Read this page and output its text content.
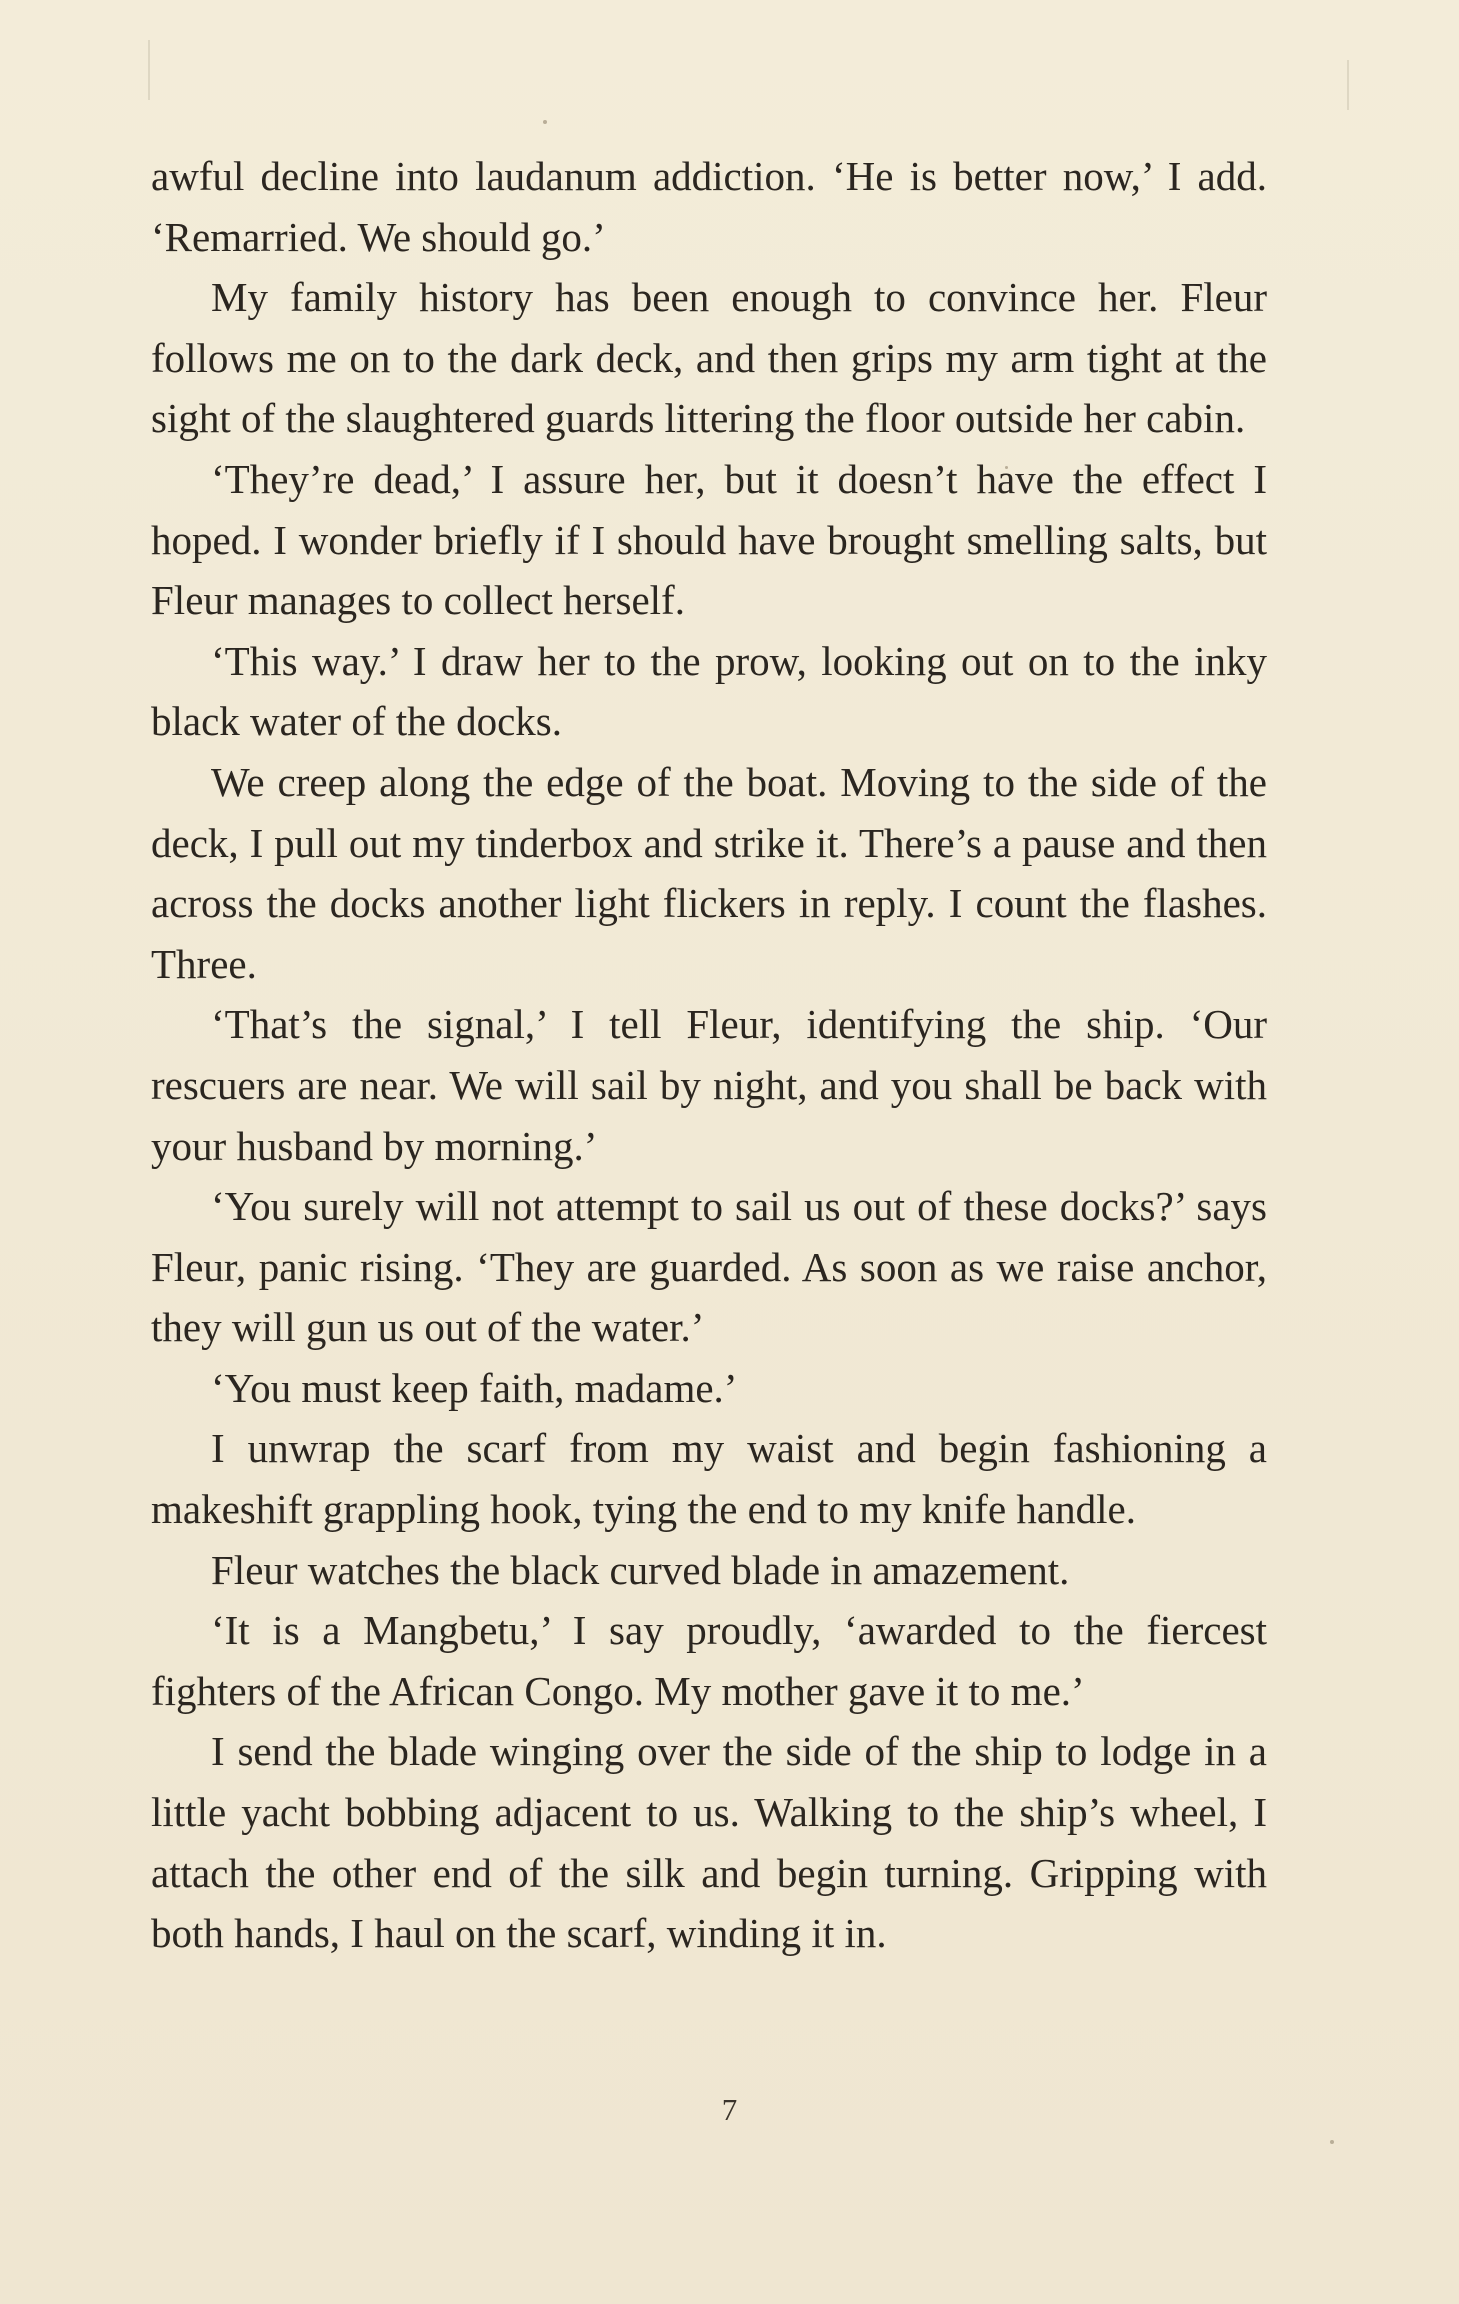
awful decline into laudanum addiction. ‘He is better now,’ I add. ‘Remarried. We should go.’

My family history has been enough to convince her. Fleur follows me on to the dark deck, and then grips my arm tight at the sight of the slaughtered guards littering the floor outside her cabin.

‘They’re dead,’ I assure her, but it doesn’t have the effect I hoped. I wonder briefly if I should have brought smelling salts, but Fleur manages to collect herself.

‘This way.’ I draw her to the prow, looking out on to the inky black water of the docks.

We creep along the edge of the boat. Moving to the side of the deck, I pull out my tinderbox and strike it. There’s a pause and then across the docks another light flickers in reply. I count the flashes. Three.

‘That’s the signal,’ I tell Fleur, identifying the ship. ‘Our rescuers are near. We will sail by night, and you shall be back with your husband by morning.’

‘You surely will not attempt to sail us out of these docks?’ says Fleur, panic rising. ‘They are guarded. As soon as we raise anchor, they will gun us out of the water.’

‘You must keep faith, madame.’

I unwrap the scarf from my waist and begin fashioning a makeshift grappling hook, tying the end to my knife handle.

Fleur watches the black curved blade in amazement.

‘It is a Mangbetu,’ I say proudly, ‘awarded to the fiercest fighters of the African Congo. My mother gave it to me.’

I send the blade winging over the side of the ship to lodge in a little yacht bobbing adjacent to us. Walking to the ship’s wheel, I attach the other end of the silk and begin turning. Gripping with both hands, I haul on the scarf, winding it in.

7
